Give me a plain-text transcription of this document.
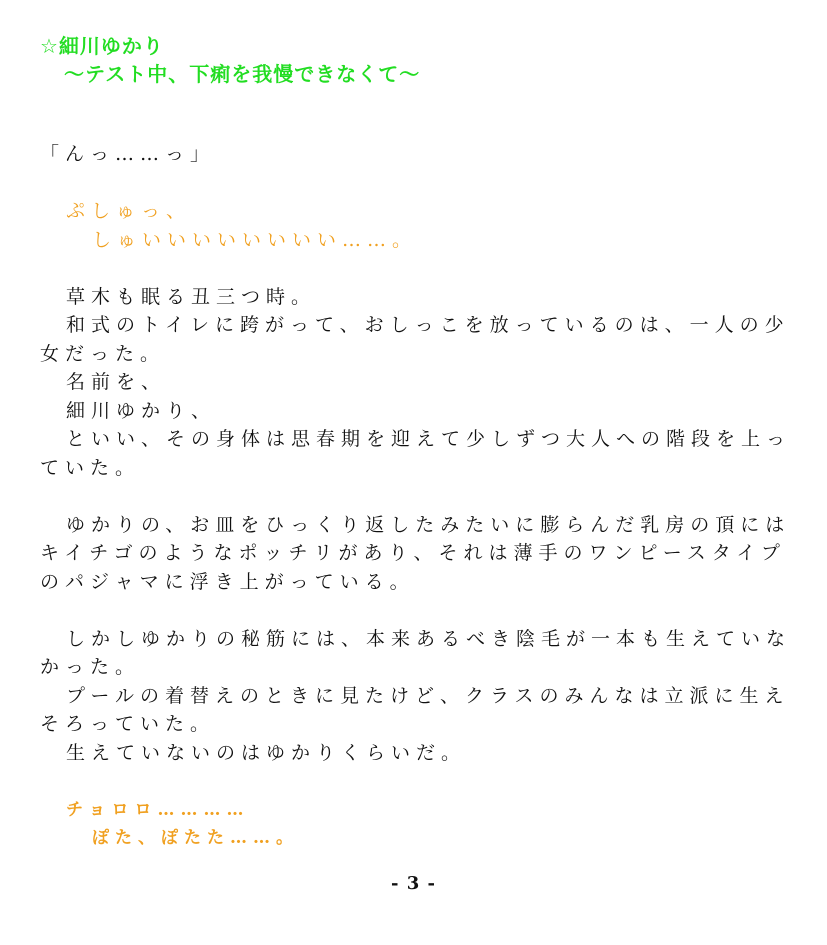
☆細川ゆかり
〜テスト中、下痢を我慢できなくて〜

「んっ……っ」

ぷしゅっ、

しゅいいいいいいいい……。

草木も眠る丑三つ時。

和式のトイレに跨がって、おしっこを放っているのは、一人の少

女だった。

名前を、

細川ゆかり、

といい、その身体は思春期を迎えて少しずつ大人への階段を上っ

ていた。

ゆかりの、お皿をひっくり返したみたいに膨らんだ乳房の頂には

キイチゴのようなポッチリがあり、それは薄手のワンピースタイプ

のパジャマに浮き上がっている。

しかしゆかりの秘筋には、本来あるべき陰毛が一本も生えていな

かった。

プールの着替えのときに見たけど、クラスのみんなは立派に生え

そろっていた。

生えていないのはゆかりくらいだ。

チョロロ…………

ぽた、ぽたた……。

- 3 -
